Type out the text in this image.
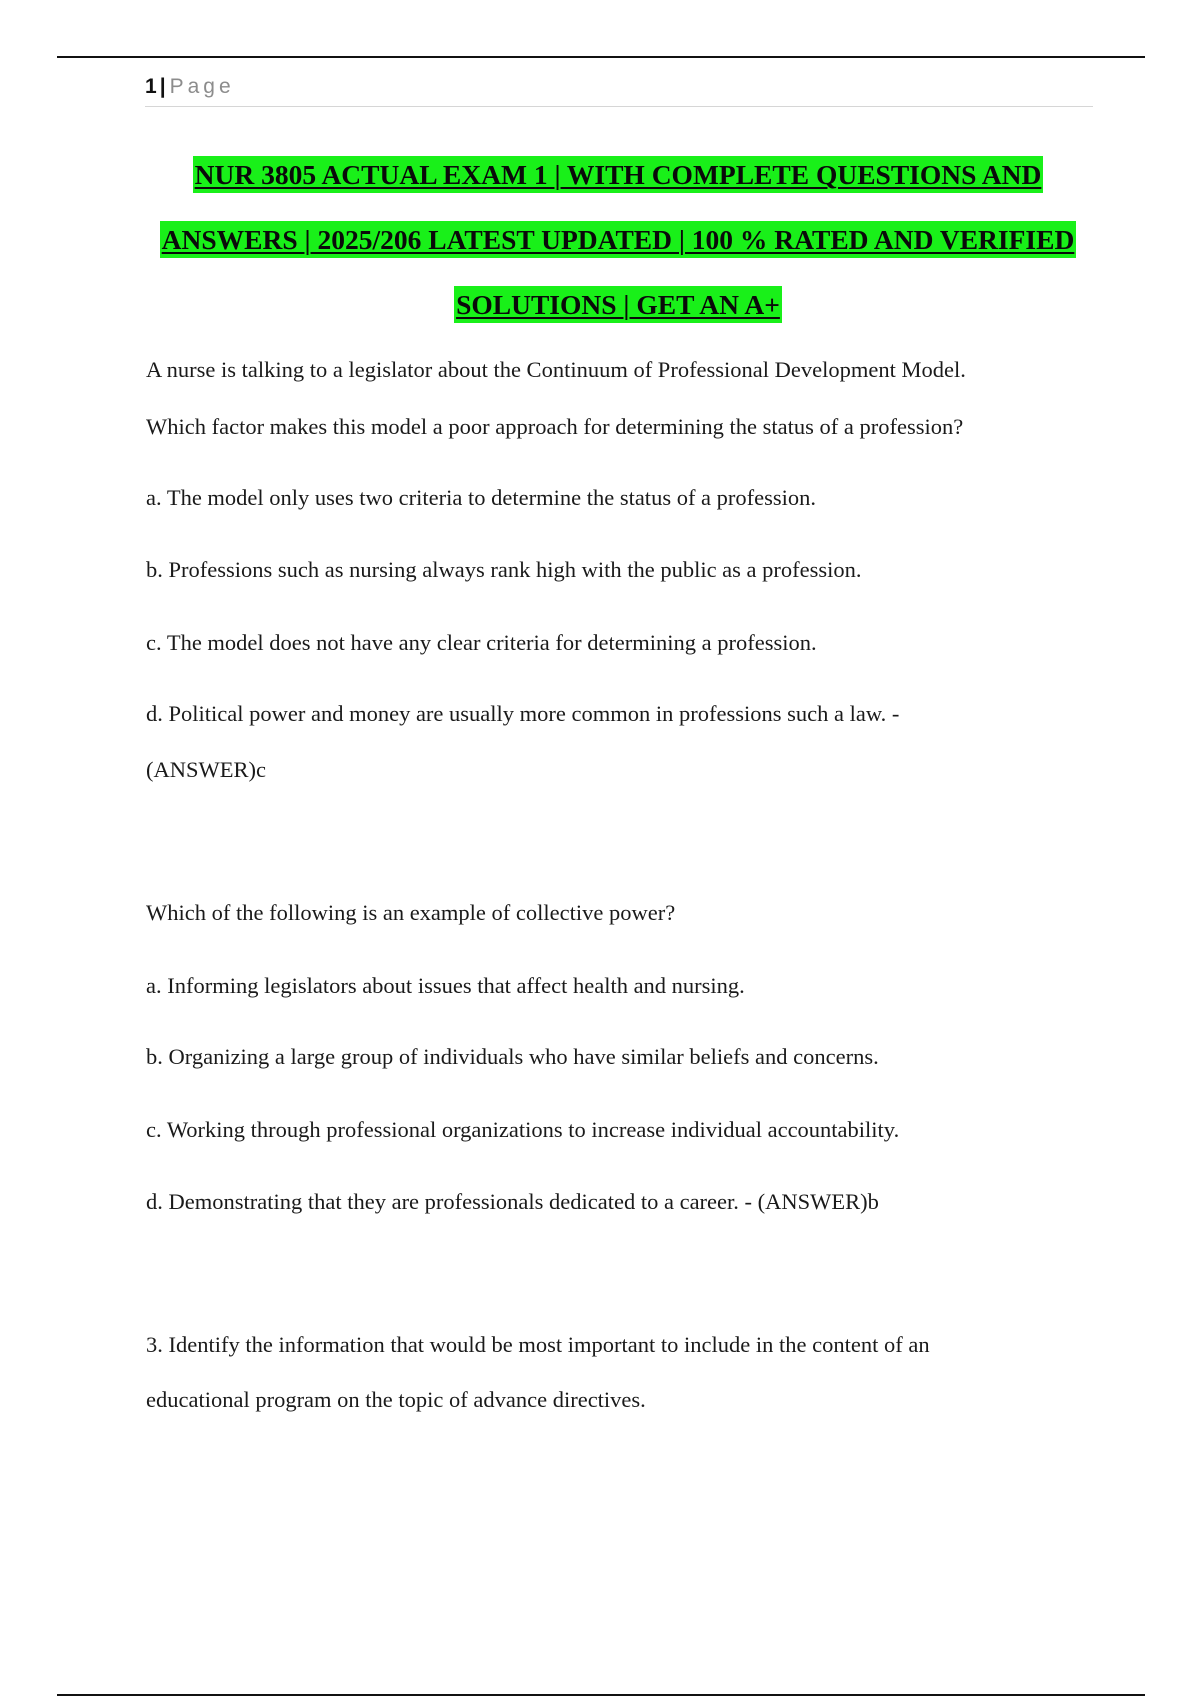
1 | Page
NUR 3805 ACTUAL EXAM 1 | WITH COMPLETE QUESTIONS AND
ANSWERS | 2025/206 LATEST UPDATED | 100 % RATED AND VERIFIED
SOLUTIONS | GET AN A+
A nurse is talking to a legislator about the Continuum of Professional Development Model.
Which factor makes this model a poor approach for determining the status of a profession?
a. The model only uses two criteria to determine the status of a profession.
b. Professions such as nursing always rank high with the public as a profession.
c. The model does not have any clear criteria for determining a profession.
d. Political power and money are usually more common in professions such a law. -
(ANSWER)c
Which of the following is an example of collective power?
a. Informing legislators about issues that affect health and nursing.
b. Organizing a large group of individuals who have similar beliefs and concerns.
c. Working through professional organizations to increase individual accountability.
d. Demonstrating that they are professionals dedicated to a career. - (ANSWER)b
3. Identify the information that would be most important to include in the content of an
educational program on the topic of advance directives.
